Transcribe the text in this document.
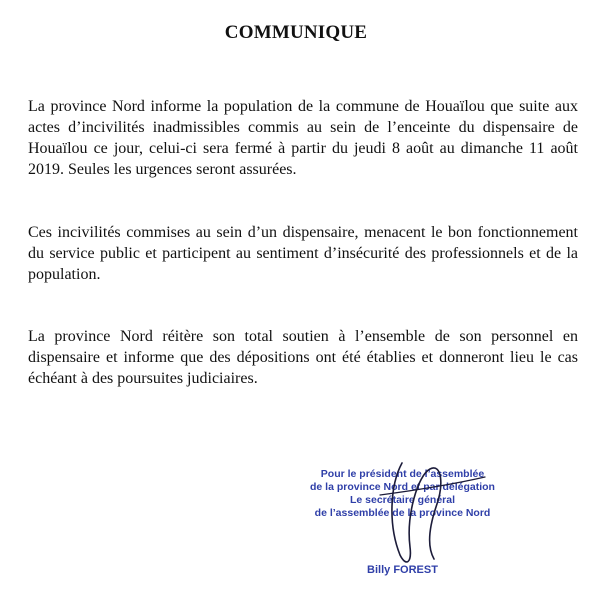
COMMUNIQUE

La province Nord informe la population de la commune de Houaïlou que suite aux actes d’incivilités inadmissibles commis au sein de l’enceinte du dispensaire de Houaïlou ce jour, celui-ci sera fermé à partir du jeudi 8 août au dimanche 11 août 2019. Seules les urgences seront assurées.

Ces incivilités commises au sein d’un dispensaire, menacent le bon fonctionnement du service public et participent au sentiment d’insécurité des professionnels et de la population.

La province Nord réitère son total soutien à l’ensemble de son personnel en dispensaire et informe que des dépositions ont été établies et donneront lieu le cas échéant à des poursuites judiciaires.

Pour le président de l’assemblée
de la province Nord et par délégation
Le secrétaire général
de l’assemblée de la province Nord
Billy FOREST
